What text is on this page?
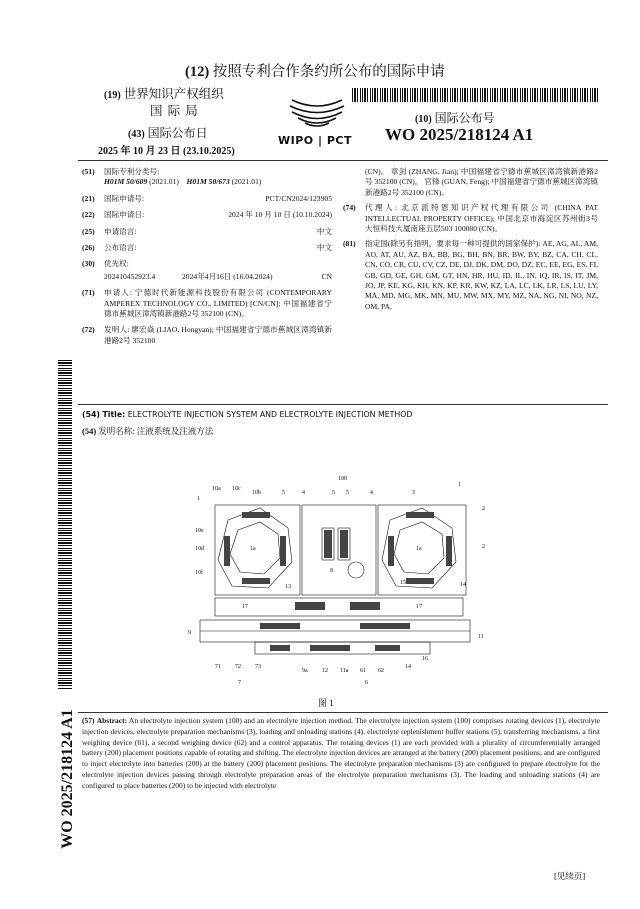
(12) 按照专利合作条约所公布的国际申请
(19) 世界知识产权组织
国 际 局
(43) 国际公布日
2025 年 10 月 23 日 (23.10.2025)
WIPO | PCT
(10) 国际公布号
WO 2025/218124 A1
(51)	国际专利分类号:
H01M 50/609 (2021.01) H01M 50/673 (2021.01)
(21)	国际申请号:	PCT/CN2024/123905
(22)	国际申请日:	2024 年 10 月 10 日 (10.10.2024)
(25)	申请语言:	中文
(26)	公布语言:	中文
(30)	优先权:
202410452923.4	2024年4月16日 (16.04.2024)	CN
(71)	申请人: 宁德时代新能源科技股份有限公司 (CONTEMPORARY AMPEREX TECHNOLOGY CO., LIMITED) [CN/CN]; 中国福建省宁德市蕉城区漳湾镇新港路2号 352100 (CN)。
(72)	发明人: 廖宏焱 (LIAO, Hongyan); 中国福建省宁德市蕉城区漳湾镇新港路2号 352100
(CN)。 章剑 (ZHANG, Jian); 中国福建省宁德市蕉城区漳湾镇新港路2号 352100 (CN)。 官锋 (GUAN, Feng); 中国福建省宁德市蕉城区漳湾镇新港路2号 352100 (CN)。
(74)	代理人: 北京派特恩知识产权代理有限公司 (CHINA PAT INTELLECTUAL PROPERTY OFFICE); 中国北京市海淀区苏州街3号大恒科技大厦南座五层503 100080 (CN)。
(81)	指定国(除另有指明，要求每一种可提供的国家保护): AE, AG, AL, AM, AO, AT, AU, AZ, BA, BB, BG, BH, BN, BR, BW, BY, BZ, CA, CH, CL, CN, CO, CR, CU, CV, CZ, DE, DJ, DK, DM, DO, DZ, EC, EE, EG, ES, FI, GB, GD, GE, GH, GM, GT, HN, HR, HU, ID, IL, IN, IQ, IR, IS, IT, JM, JO, JP, KE, KG, KH, KN, KP, KR, KW, KZ, LA, LC, LK, LR, LS, LU, LY, MA, MD, MG, MK, MN, MU, MW, MX, MY, MZ, NA, NG, NI, NO, NZ, OM, PA,
(54) Title: ELECTROLYTE INJECTION SYSTEM AND ELECTROLYTE INJECTION METHOD
(54) 发明名称: 注液系统及注液方法
100
1
10a 10c
10b	5	4	5 5	4	3
1
2
10e
10d
10f
1a
8
15
1a
14
2
13
17	17
9
11
71 72 73
9a 12 11a 61 62
14
16
6
7
图 1
(57) Abstract: An electrolyte injection system (100) and an electrolyte injection method. The electrolyte injection system (100) comprises rotating devices (1), electrolyte injection devices, electrolyte preparation mechanisms (3), loading and unloading stations (4), electrolyte replenishment buffer stations (5), transferring mechanisms, a first weighing device (61), a second weighing device (62) and a control apparatus. The rotating devices (1) are each provided with a plurality of circumferentially arranged battery (200) placement positions capable of rotating and shifting. The electrolyte injection devices are arranged at the battery (200) placement positions, and are configured to inject electrolyte into batteries (200) at the battery (200) placement positions. The electrolyte preparation mechanisms (3) are configured to prepare electrolyte for the electrolyte injection devices passing through electrolyte preparation areas of the electrolyte preparation mechanisms (3). The loading and unloading stations (4) are configured to place batteries (200) to be injected with electrolyte
WO 2025/218124 A1
[见续页]
